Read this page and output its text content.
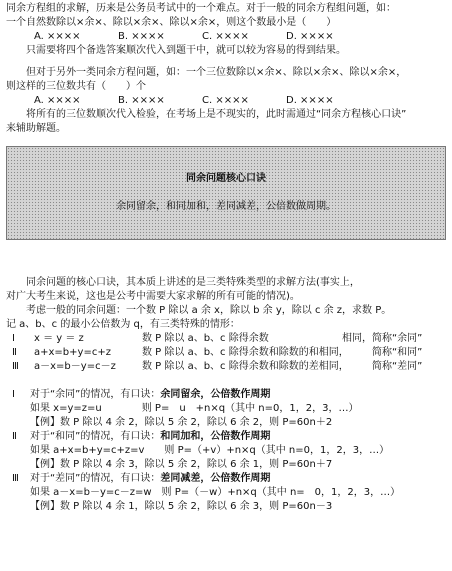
同余方程组的求解，历来是公务员考试中的一个难点。对于一般的同余方程组问题，如：
一个自然数除以×余×、除以×余×、除以×余×，则这个数最小是（　　）
A. ××××	B. ××××	C. ××××	D. ××××
只需要将四个备选答案顺次代入到题干中，就可以较为容易的得到结果。
但对于另外一类同余方程问题，如：一个三位数除以×余×、除以×余×、除以×余×，
则这样的三位数共有（　　）个
A. ××××	B. ××××	C. ××××	D. ××××
将所有的三位数顺次代入检验，在考场上是不现实的，此时需通过“同余方程核心口诀”
来辅助解题。
同余问题核心口诀
余同留余，和同加和，差同减差，公倍数做周期。
同余问题的核心口诀，其本质上讲述的是三类特殊类型的求解方法(事实上，
对广大考生来说，这也是公考中需要大家求解的所有可能的情况)。
考虑一般的同余问题：一个数 P 除以 a 余 x，除以 b 余 y，除以 c 余 z，求数 P。
记 a、b、c 的最小公倍数为 q，有三类特殊的情形：
Ⅰ	x ＝ y ＝ z	数 P 除以 a、b、c 除得余数	相同， 简称“余同”
Ⅱ	a+x=b+y=c+z	数 P 除以 a、b、c 除得余数和除数的和相同，	简称“和同”
Ⅲ	a－x=b－y=c－z	数 P 除以 a、b、c 除得余数和除数的差相同，	简称“差同”
Ⅰ 对于“余同”的情况，有口诀：余同留余，公倍数作周期
如果 x=y=z=u　　　　则 P=　u　+n×q（其中 n=0，1，2，3，…）
【例】数 P 除以 4 余 2，除以 5 余 2，除以 6 余 2，则 P=60n＋2
Ⅱ 对于“和同”的情况，有口诀：和同加和，公倍数作周期
如果 a+x=b+y=c+z=v　　则 P=（+v）+n×q（其中 n=0，1，2，3，…）
【例】数 P 除以 4 余 3，除以 5 余 2，除以 6 余 1，则 P=60n＋7
Ⅲ 对于“差同”的情况，有口诀：差同减差，公倍数作周期
如果 a－x=b－y=c－z=w　则 P=（－w）+n×q（其中 n=　0，1，2，3，…）
【例】数 P 除以 4 余 1，除以 5 余 2，除以 6 余 3，则 P=60n－3
